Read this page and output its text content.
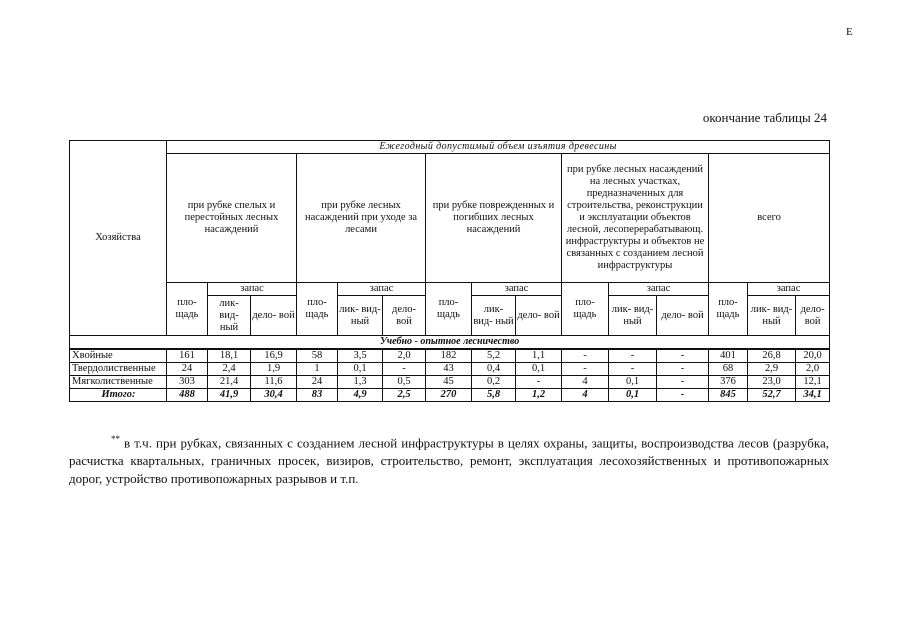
E
окончание таблицы 24
Хозяйства	Ежегодный допустимый объем изъятия древесины														
	при рубке спелых и перестойных лесных насаждений			при рубке лесных насаждений при уходе за лесами			при рубке поврежденных и погибших лесных насаждений			при рубке лесных насаждений на лесных участках, предназначенных для строительства, реконструкции и эксплуатации объектов лесной, лесоперерабатывающ. инфраструктуры и объектов не связанных с созданием лесной инфраструктуры			всего		
	пло- щадь	запас		пло- щадь	запас		пло- щадь	запас		пло- щадь	запас		пло- щадь	запас	
		лик- вид- ный	дело- вой		лик- вид- ный	дело- вой		лик- вид- ный	дело- вой		лик- вид- ный	дело- вой		лик- вид- ный	дело- вой
Учебно - опытное лесничество															
Хвойные	161	18,1	16,9	58	3,5	2,0	182	5,2	1,1	-	-	-	401	26,8	20,0
Твердолиственные	24	2,4	1,9	1	0,1	-	43	0,4	0,1	-	-	-	68	2,9	2,0
Мягколиственные	303	21,4	11,6	24	1,3	0,5	45	0,2	-	4	0,1	-	376	23,0	12,1
Итого:	488	41,9	30,4	83	4,9	2,5	270	5,8	1,2	4	0,1	-	845	52,7	34,1
** в т.ч. при рубках, связанных с созданием лесной инфраструктуры в целях охраны, защиты, воспроизводства лесов (разрубка, расчистка квартальных, граничных просек, визиров, строительство, ремонт, эксплуатация лесохозяйственных и противопожарных дорог, устройство противопожарных разрывов и т.п.
